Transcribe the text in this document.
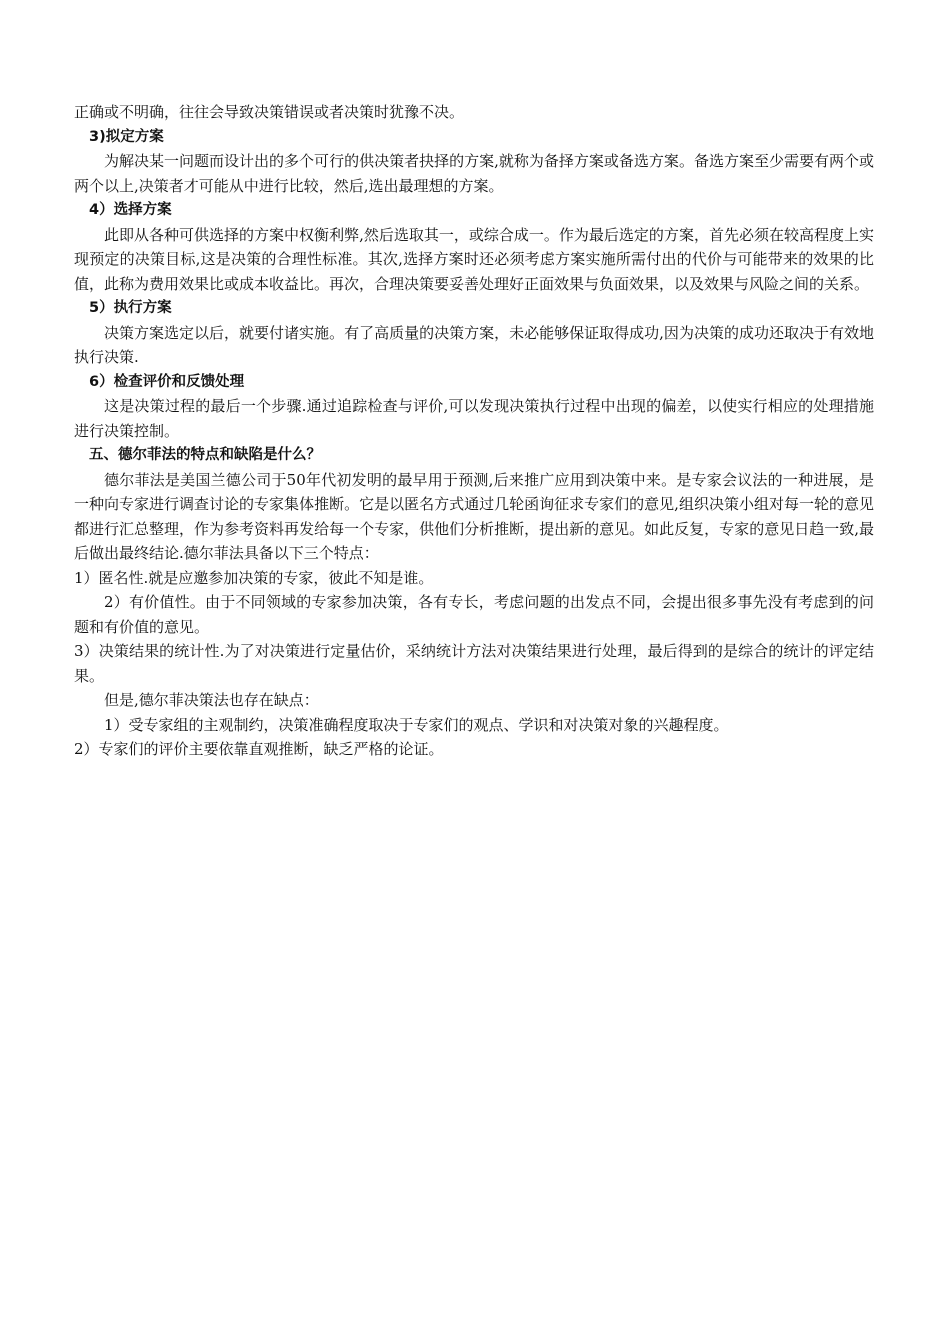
正确或不明确，往往会导致决策错误或者决策时犹豫不决。

3)拟定方案

为解决某一问题而设计出的多个可行的供决策者抉择的方案,就称为备择方案或备选方案。备选方案至少需要有两个或两个以上,决策者才可能从中进行比较，然后,选出最理想的方案。

4）选择方案

此即从各种可供选择的方案中权衡利弊,然后选取其一，或综合成一。作为最后选定的方案，首先必须在较高程度上实现预定的决策目标,这是决策的合理性标准。其次,选择方案时还必须考虑方案实施所需付出的代价与可能带来的效果的比值，此称为费用效果比或成本收益比。再次，合理决策要妥善处理好正面效果与负面效果，以及效果与风险之间的关系。

5）执行方案

决策方案选定以后，就要付诸实施。有了高质量的决策方案，未必能够保证取得成功,因为决策的成功还取决于有效地执行决策.

6）检查评价和反馈处理

这是决策过程的最后一个步骤.通过追踪检查与评价,可以发现决策执行过程中出现的偏差，以使实行相应的处理措施进行决策控制。

五、德尔菲法的特点和缺陷是什么？

德尔菲法是美国兰德公司于50年代初发明的最早用于预测,后来推广应用到决策中来。是专家会议法的一种进展，是一种向专家进行调查讨论的专家集体推断。它是以匿名方式通过几轮函询征求专家们的意见,组织决策小组对每一轮的意见都进行汇总整理，作为参考资料再发给每一个专家，供他们分析推断，提出新的意见。如此反复，专家的意见日趋一致,最后做出最终结论.德尔菲法具备以下三个特点：

1）匿名性.就是应邀参加决策的专家，彼此不知是谁。

2）有价值性。由于不同领域的专家参加决策，各有专长，考虑问题的出发点不同，会提出很多事先没有考虑到的问题和有价值的意见。

3）决策结果的统计性.为了对决策进行定量估价，采纳统计方法对决策结果进行处理，最后得到的是综合的统计的评定结果。

但是,德尔菲决策法也存在缺点：

1）受专家组的主观制约，决策准确程度取决于专家们的观点、学识和对决策对象的兴趣程度。

2）专家们的评价主要依靠直观推断，缺乏严格的论证。
